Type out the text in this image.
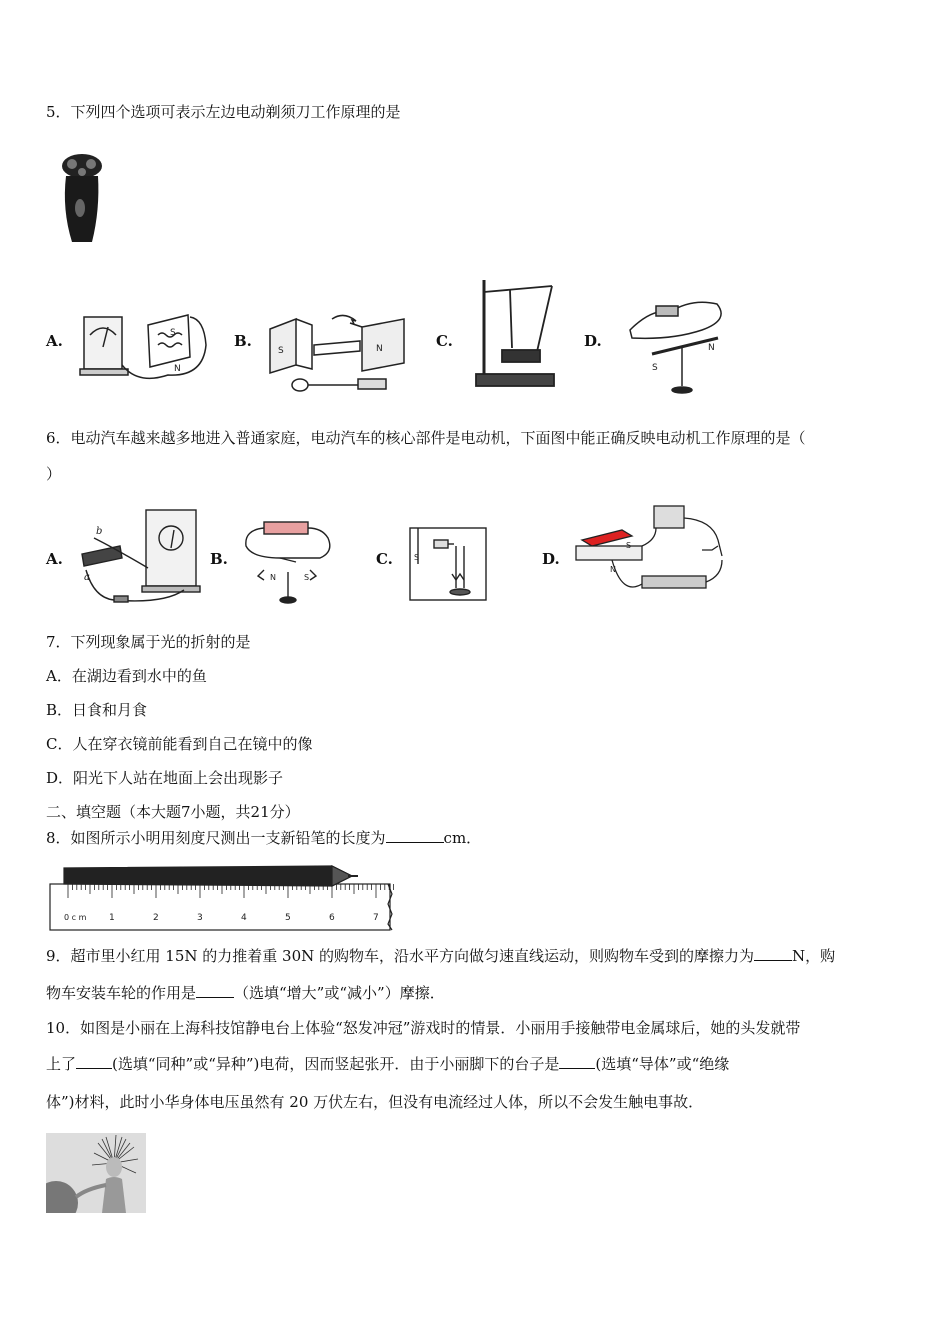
5．下列四个选项可表示左边电动剃须刀工作原理的是
A.	S
N
B.
S	N	C.	D.
S
N
6．电动汽车越来越多地进入普通家庭，电动汽车的核心部件是电动机，下面图中能正确反映电动机工作原理的是（
）
A.
b
a
B.
N	S
C.	S	D.
S
N
7．下列现象属于光的折射的是
A．在湖边看到水中的鱼
B．日食和月食
C．人在穿衣镜前能看到自己在镜中的像
D．阳光下人站在地面上会出现影子
二、填空题（本大题7小题，共21分）
8．如图所示小明用刻度尺测出一支新铅笔的长度为	cm．
0 c m	1	2	3	4	5	6	7
9．超市里小红用 15N 的力推着重 30N 的购物车，沿水平方向做匀速直线运动，则购物车受到的摩擦力为	N，购
物车安装车轮的作用是	（选填“增大”或“减小”）摩擦．
10．如图是小丽在上海科技馆静电台上体验“怒发冲冠”游戏时的情景．小丽用手接触带电金属球后，她的头发就带
上了 (选填“同种”或“异种”)电荷，因而竖起张开．由于小丽脚下的台子是 (选填“导体”或“绝缘
体”)材料，此时小华身体电压虽然有 20 万伏左右，但没有电流经过人体，所以不会发生触电事故．
